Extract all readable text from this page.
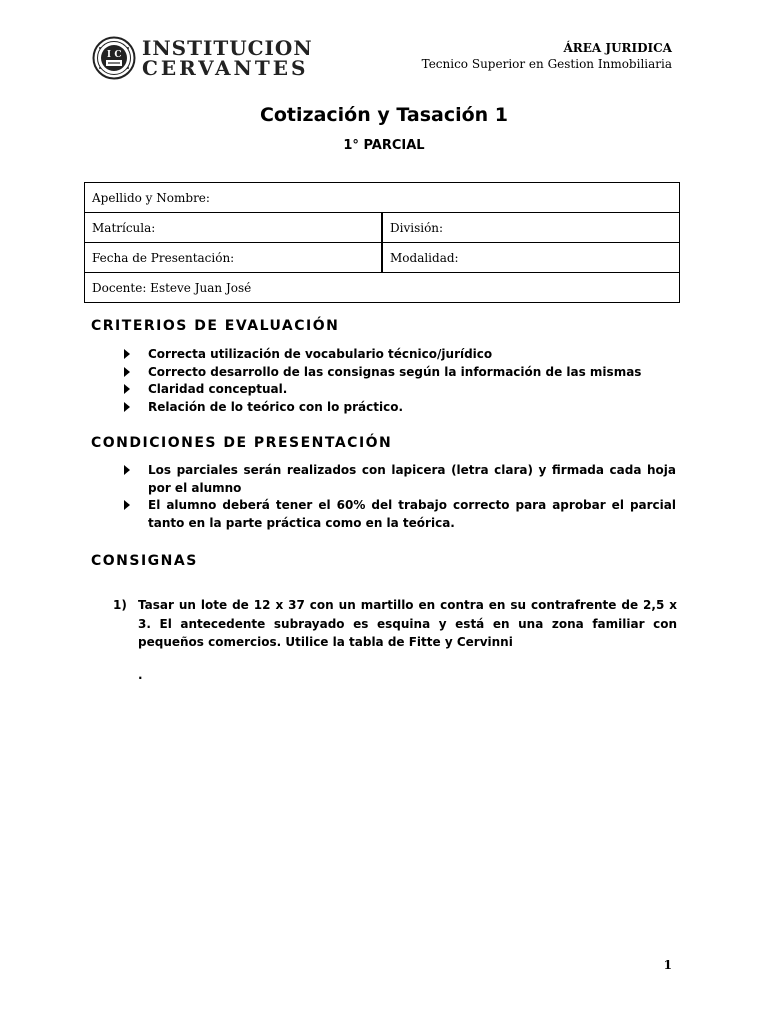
I C INSTITUCION
CERVANTES
ÁREA JURIDICA
Tecnico Superior en Gestion Inmobiliaria
Cotización y Tasación 1
1° PARCIAL
Apellido y Nombre:
Matrícula:	División:
Fecha de Presentación:	Modalidad:
Docente: Esteve Juan José
CRITERIOS DE EVALUACIÓN
Correcta utilización de vocabulario técnico/jurídico
Correcto desarrollo de las consignas según la información de las mismas
Claridad conceptual.
Relación de lo teórico con lo práctico.
CONDICIONES DE PRESENTACIÓN
Los parciales serán realizados con lapicera (letra clara) y firmada cada hoja por el alumno
El alumno deberá tener el 60% del trabajo correcto para aprobar el parcial tanto en la parte práctica como en la teórica.
CONSIGNAS
1) Tasar un lote de 12 x 37 con un martillo en contra en su contrafrente de 2,5 x 3. El antecedente subrayado es esquina y está en una zona familiar con pequeños comercios. Utilice la tabla de Fitte y Cervinni
.
1
